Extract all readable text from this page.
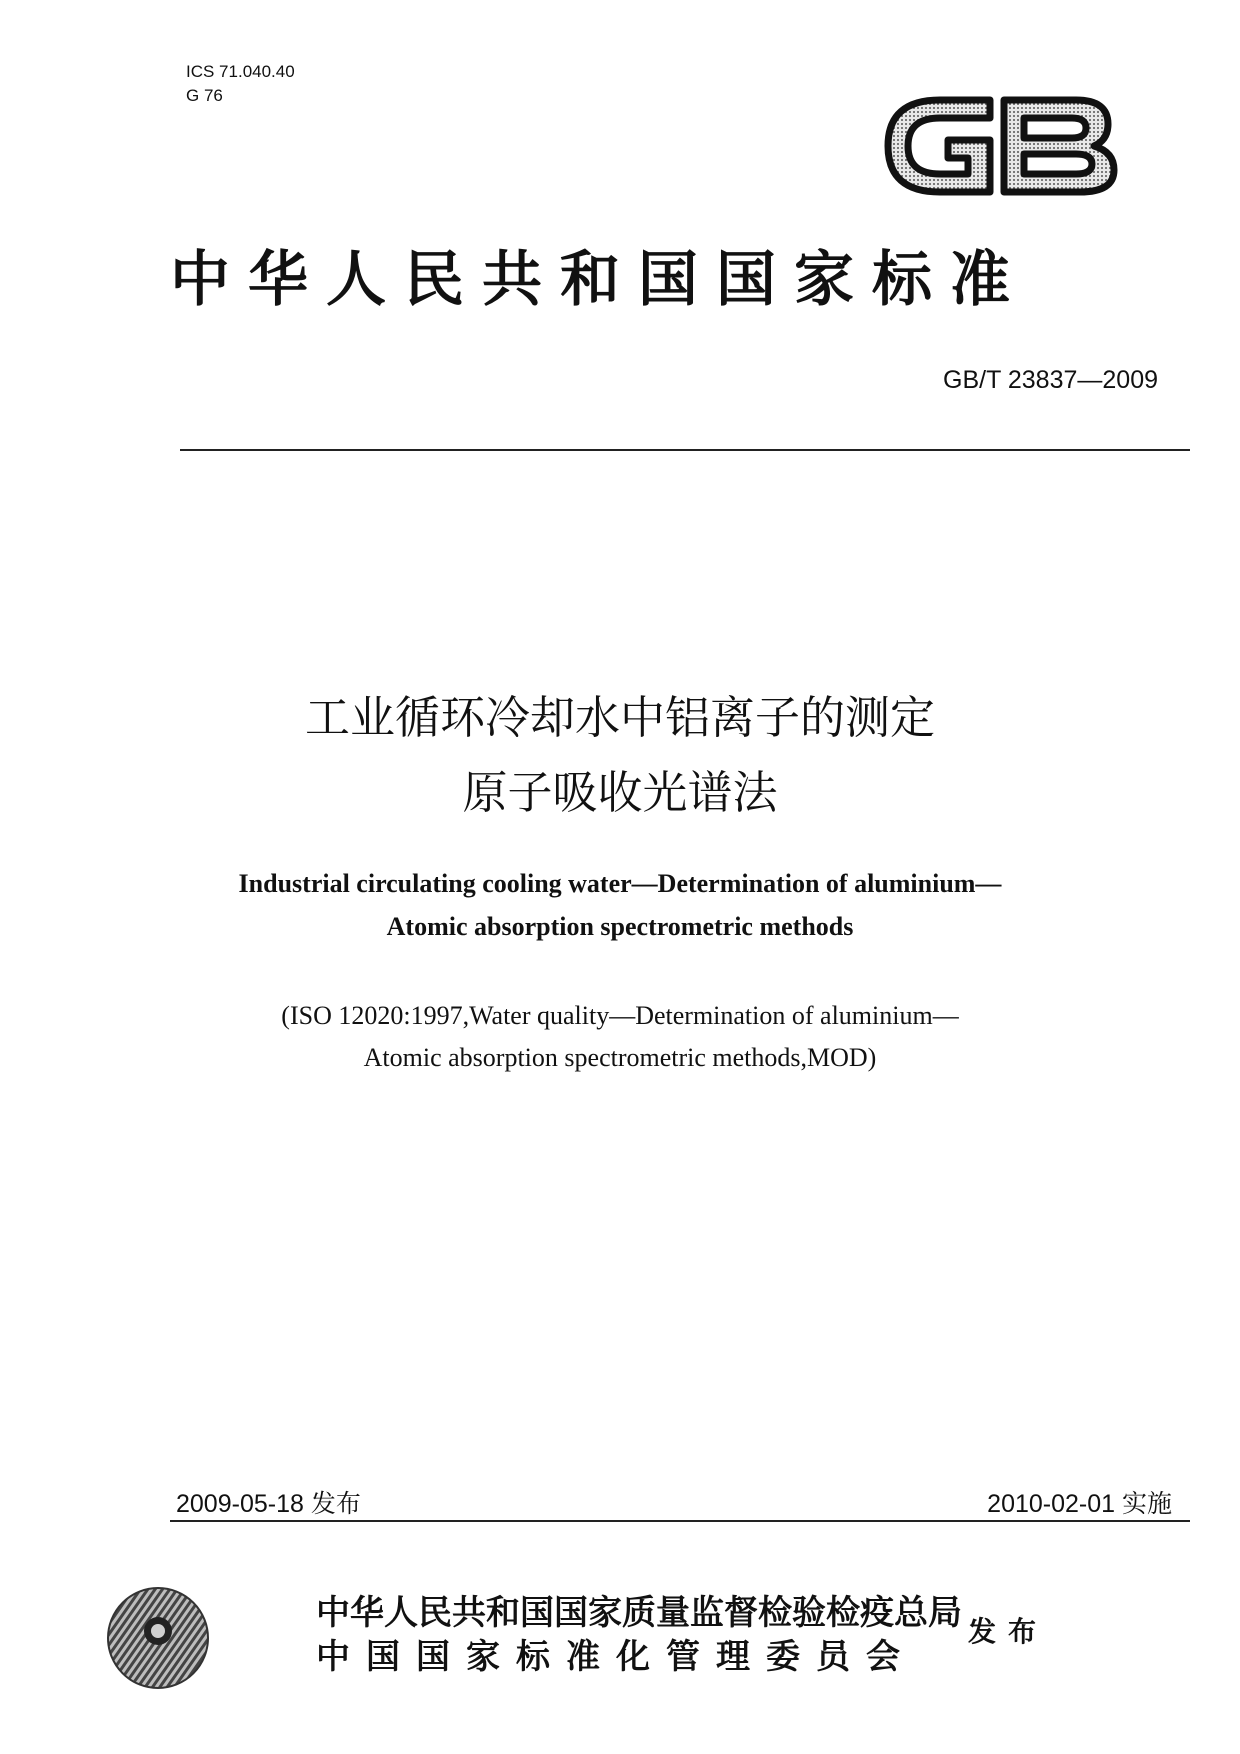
ICS 71.040.40
G 76
中华人民共和国国家标准
GB/T 23837—2009
工业循环冷却水中铝离子的测定
原子吸收光谱法
Industrial circulating cooling water—Determination of aluminium—
Atomic absorption spectrometric methods
(ISO 12020:1997,Water quality—Determination of aluminium—
Atomic absorption spectrometric methods,MOD)
2009-05-18 发布	2010-02-01 实施
中华人民共和国国家质量监督检验检疫总局
中国国家标准化管理委员会
发布
